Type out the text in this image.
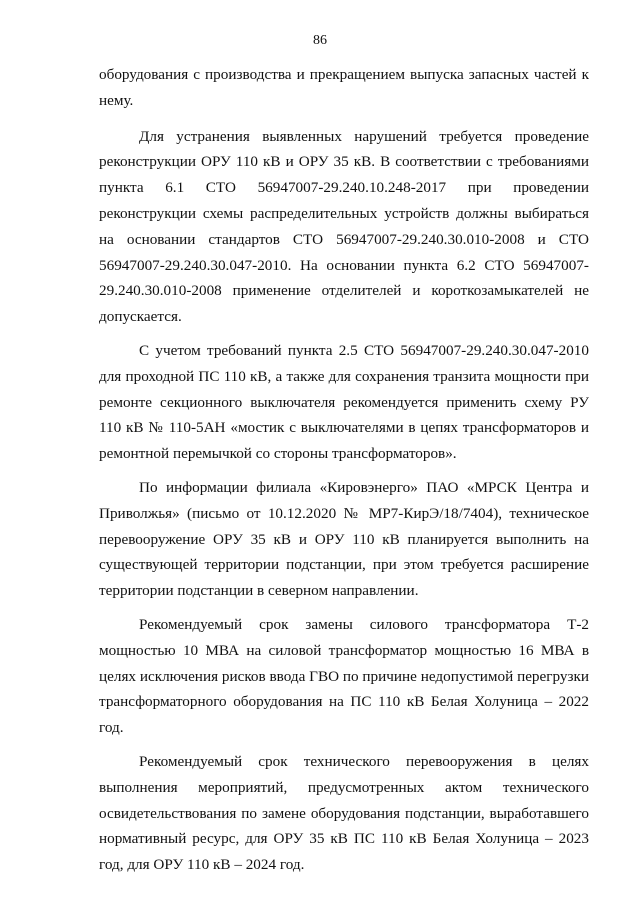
86

оборудования с производства и прекращением выпуска запасных частей к нему.

Для устранения выявленных нарушений требуется проведение реконструкции ОРУ 110 кВ и ОРУ 35 кВ. В соответствии с требованиями пункта 6.1 СТО 56947007-29.240.10.248-2017 при проведении реконструкции схемы распределительных устройств должны выбираться на основании стандартов СТО 56947007-29.240.30.010-2008 и СТО 56947007-29.240.30.047-2010. На основании пункта 6.2 СТО 56947007-29.240.30.010-2008 применение отделителей и короткозамыкателей не допускается.

С учетом требований пункта 2.5 СТО 56947007-29.240.30.047-2010 для проходной ПС 110 кВ, а также для сохранения транзита мощности при ремонте секционного выключателя рекомендуется применить схему РУ 110 кВ № 110-5АН «мостик с выключателями в цепях трансформаторов и ремонтной перемычкой со стороны трансформаторов».

По информации филиала «Кировэнерго» ПАО «МРСК Центра и Приволжья» (письмо от 10.12.2020 № МР7-КирЭ/18/7404), техническое перевооружение ОРУ 35 кВ и ОРУ 110 кВ планируется выполнить на существующей территории подстанции, при этом требуется расширение территории подстанции в северном направлении.

Рекомендуемый срок замены силового трансформатора Т-2 мощностью 10 МВА на силовой трансформатор мощностью 16 МВА в целях исключения рисков ввода ГВО по причине недопустимой перегрузки трансформаторного оборудования на ПС 110 кВ Белая Холуница – 2022 год.

Рекомендуемый срок технического перевооружения в целях выполнения мероприятий, предусмотренных актом технического освидетельствования по замене оборудования подстанции, выработавшего нормативный ресурс, для ОРУ 35 кВ ПС 110 кВ Белая Холуница – 2023 год, для ОРУ 110 кВ – 2024 год.
